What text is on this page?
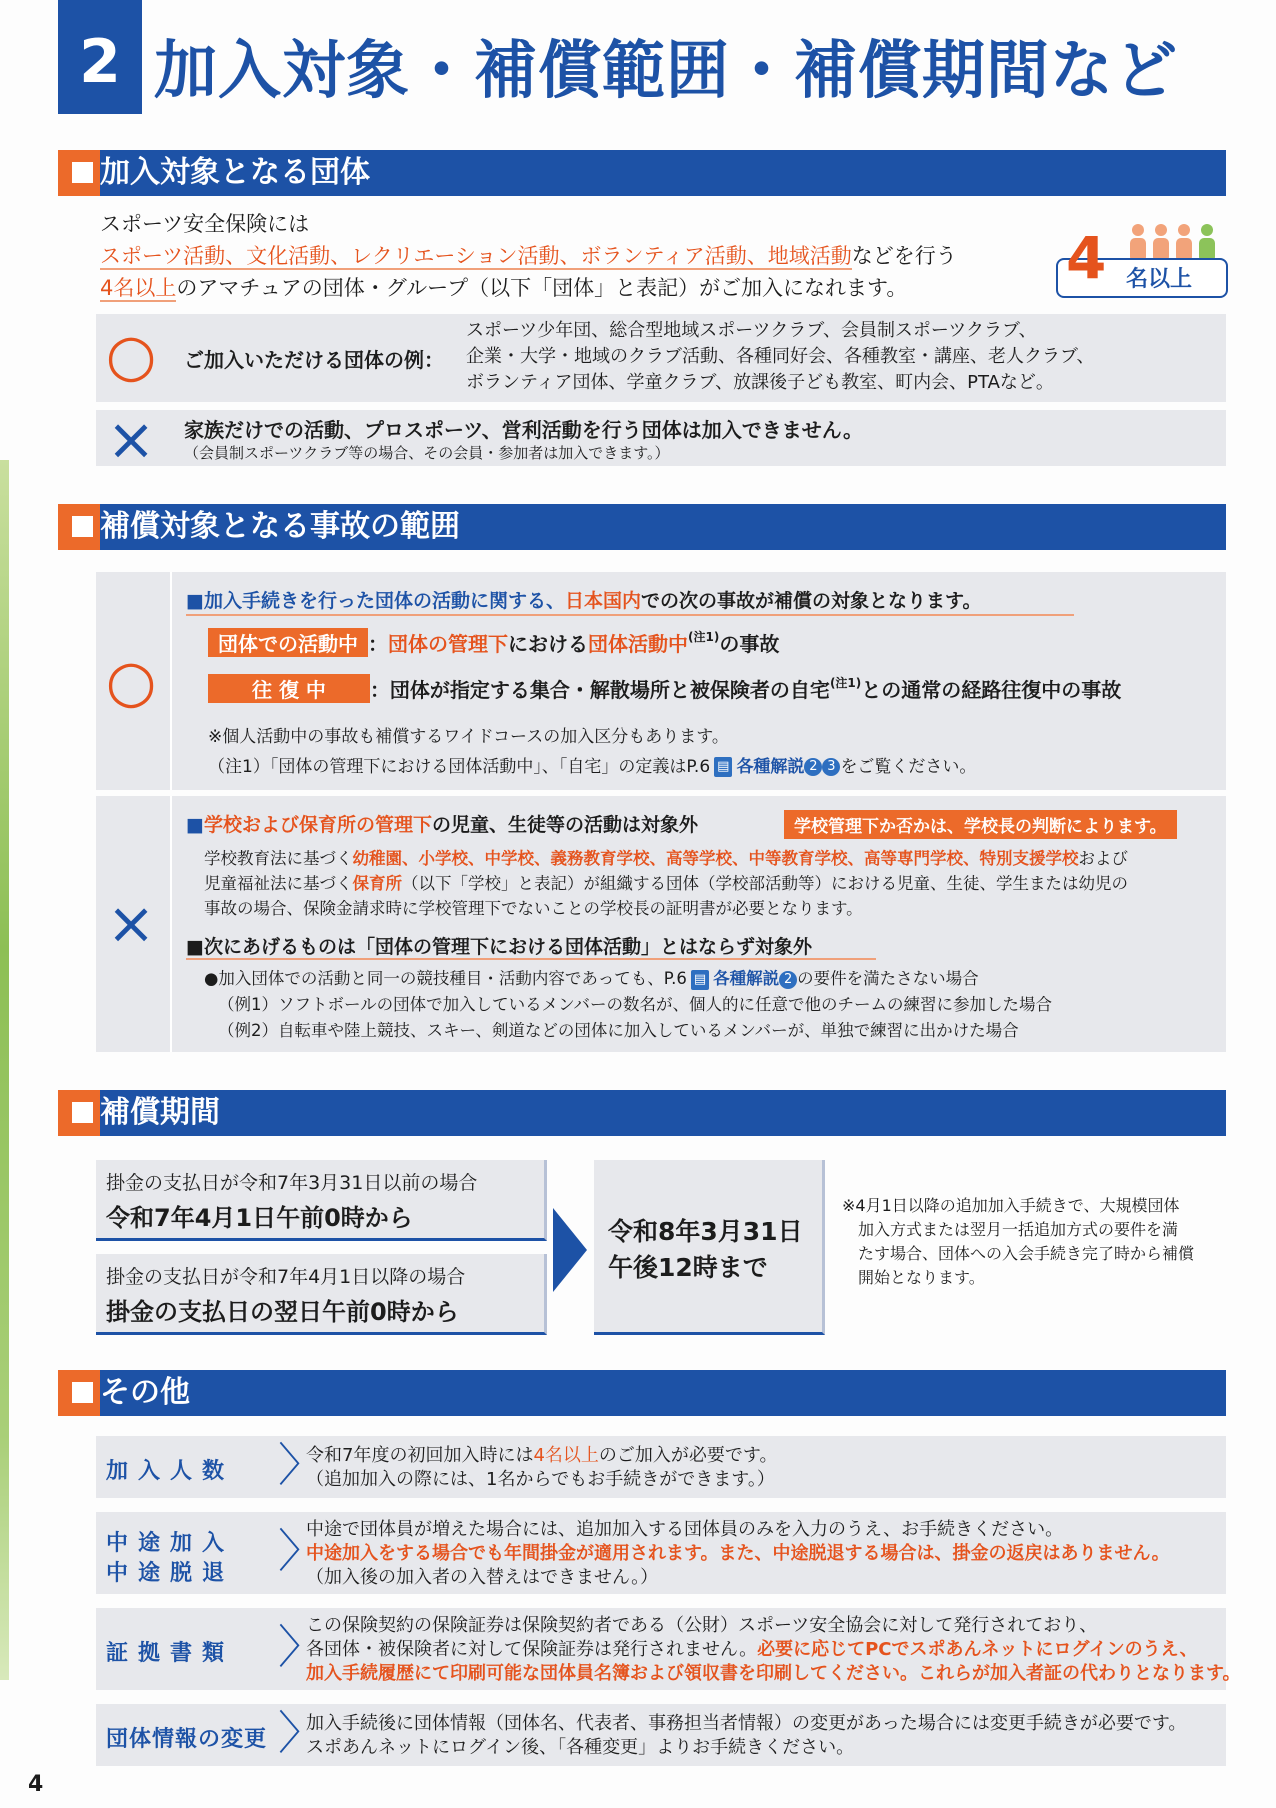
2 加入対象・補償範囲・補償期間など
加入対象となる団体
スポーツ安全保険には
スポーツ活動、文化活動、レクリエーション活動、ボランティア活動、地域活動などを行う
4名以上のアマチュアの団体・グループ（以下「団体」と表記）がご加入になれます。	4 名以上
○	ご加入いただける団体の例：
スポーツ少年団、総合型地域スポーツクラブ、会員制スポーツクラブ、
企業・大学・地域のクラブ活動、各種同好会、各種教室・講座、老人クラブ、
ボランティア団体、学童クラブ、放課後子ども教室、町内会、PTAなど。
×	家族だけでの活動、プロスポーツ、営利活動を行う団体は加入できません。
（会員制スポーツクラブ等の場合、その会員・参加者は加入できます。）
補償対象となる事故の範囲
○
■加入手続きを行った団体の活動に関する、日本国内での次の事故が補償の対象となります。
団体での活動中 ：団体の管理下における団体活動中$^{(注1)}$の事故
往 復 中 ：団体が指定する集合・解散場所と被保険者の自宅$^{(注1)}$との通常の経路往復中の事故
※個人活動中の事故も補償するワイドコースの加入区分もあります。
（注1）「団体の管理下における団体活動中」、「自宅」の定義はP.6 ▤ 各種解説 2 3 をご覧ください。
×
■学校および保育所の管理下の児童、生徒等の活動は対象外	学校管理下か否かは、学校長の判断によります。
学校教育法に基づく幼稚園、小学校、中学校、義務教育学校、高等学校、中等教育学校、高等専門学校、特別支援学校および
児童福祉法に基づく保育所（以下「学校」と表記）が組織する団体（学校部活動等）における児童、生徒、学生または幼児の
事故の場合、保険金請求時に学校管理下でないことの学校長の証明書が必要となります。
■次にあげるものは「団体の管理下における団体活動」とはならず対象外
●加入団体での活動と同一の競技種目・活動内容であっても、P.6 ▤ 各種解説 2 の要件を満たさない場合
（例1）ソフトボールの団体で加入しているメンバーの数名が、個人的に任意で他のチームの練習に参加した場合
（例2）自転車や陸上競技、スキー、剣道などの団体に加入しているメンバーが、単独で練習に出かけた場合
補償期間
掛金の支払日が令和7年3月31日以前の場合
令和7年4月1日午前0時から
掛金の支払日が令和7年4月1日以降の場合
掛金の支払日の翌日午前0時から
令和8年3月31日
午後12時まで
※4月1日以降の追加加入手続きで、大規模団体
加入方式または翌月一括追加方式の要件を満
たす場合、団体への入会手続き完了時から補償
開始となります。
その他
加入人数 〉
令和7年度の初回加入時には4名以上のご加入が必要です。
（追加加入の際には、1名からでもお手続きができます。）
中途加入
中途脱退 〉
中途で団体員が増えた場合には、追加加入する団体員のみを入力のうえ、お手続きください。
中途加入をする場合でも年間掛金が適用されます。また、中途脱退する場合は、掛金の返戻はありません。
（加入後の加入者の入替えはできません。）
証拠書類 〉
この保険契約の保険証券は保険契約者である（公財）スポーツ安全協会に対して発行されており、
各団体・被保険者に対して保険証券は発行されません。必要に応じてPCでスポあんネットにログインのうえ、
加入手続履歴にて印刷可能な団体員名簿および領収書を印刷してください。これらが加入者証の代わりとなります。
団体情報の変更 〉
加入手続後に団体情報（団体名、代表者、事務担当者情報）の変更があった場合には変更手続きが必要です。
スポあんネットにログイン後、「各種変更」よりお手続きください。
4
